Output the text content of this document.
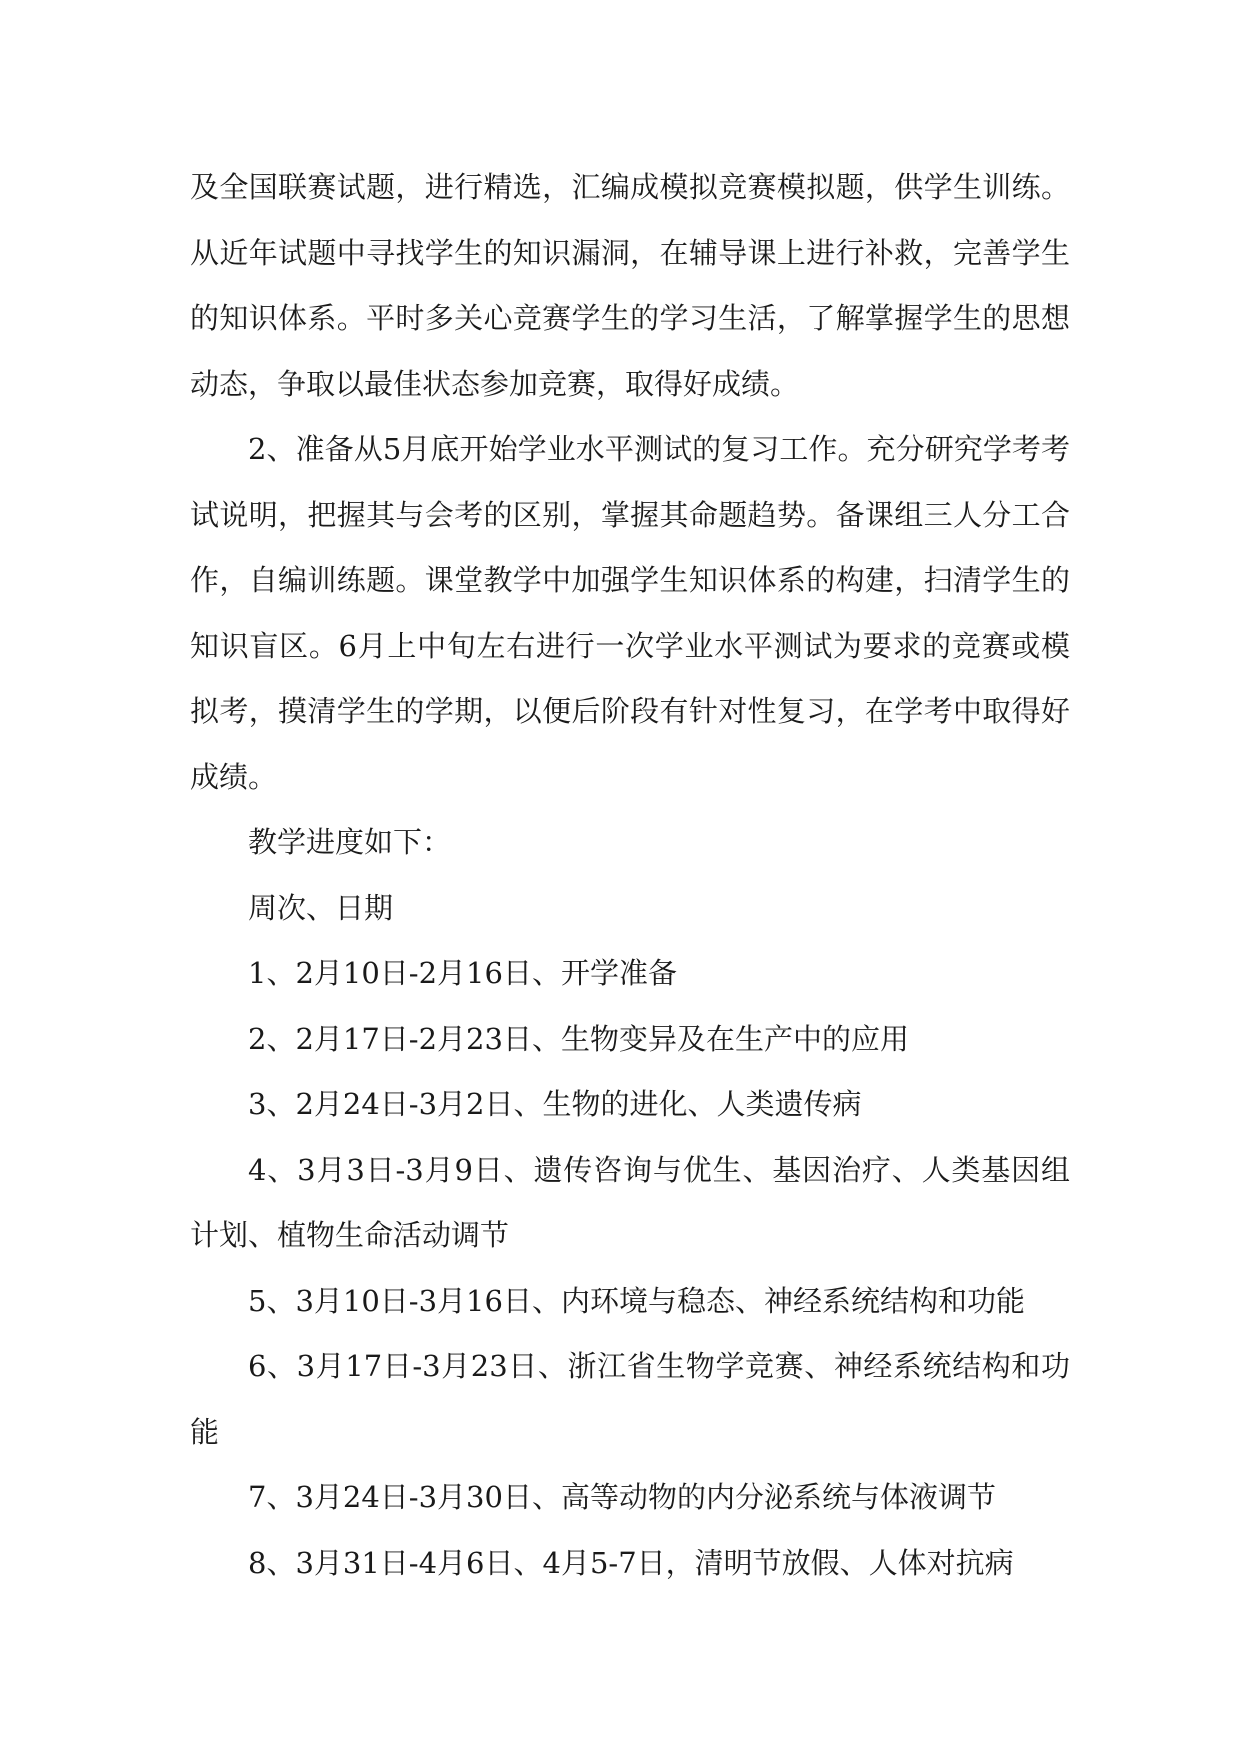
及全国联赛试题，进行精选，汇编成模拟竞赛模拟题，供学生训练。从近年试题中寻找学生的知识漏洞，在辅导课上进行补救，完善学生的知识体系。平时多关心竞赛学生的学习生活，了解掌握学生的思想动态，争取以最佳状态参加竞赛，取得好成绩。

2、准备从5月底开始学业水平测试的复习工作。充分研究学考考试说明，把握其与会考的区别，掌握其命题趋势。备课组三人分工合作，自编训练题。课堂教学中加强学生知识体系的构建，扫清学生的知识盲区。6月上中旬左右进行一次学业水平测试为要求的竞赛或模拟考，摸清学生的学期，以便后阶段有针对性复习，在学考中取得好成绩。

教学进度如下：

周次、日期

1、2月10日-2月16日、开学准备

2、2月17日-2月23日、生物变异及在生产中的应用

3、2月24日-3月2日、生物的进化、人类遗传病

4、3月3日-3月9日、遗传咨询与优生、基因治疗、人类基因组计划、植物生命活动调节

5、3月10日-3月16日、内环境与稳态、神经系统结构和功能

6、3月17日-3月23日、浙江省生物学竞赛、神经系统结构和功能

7、3月24日-3月30日、高等动物的内分泌系统与体液调节

8、3月31日-4月6日、4月5-7日，清明节放假、人体对抗病
